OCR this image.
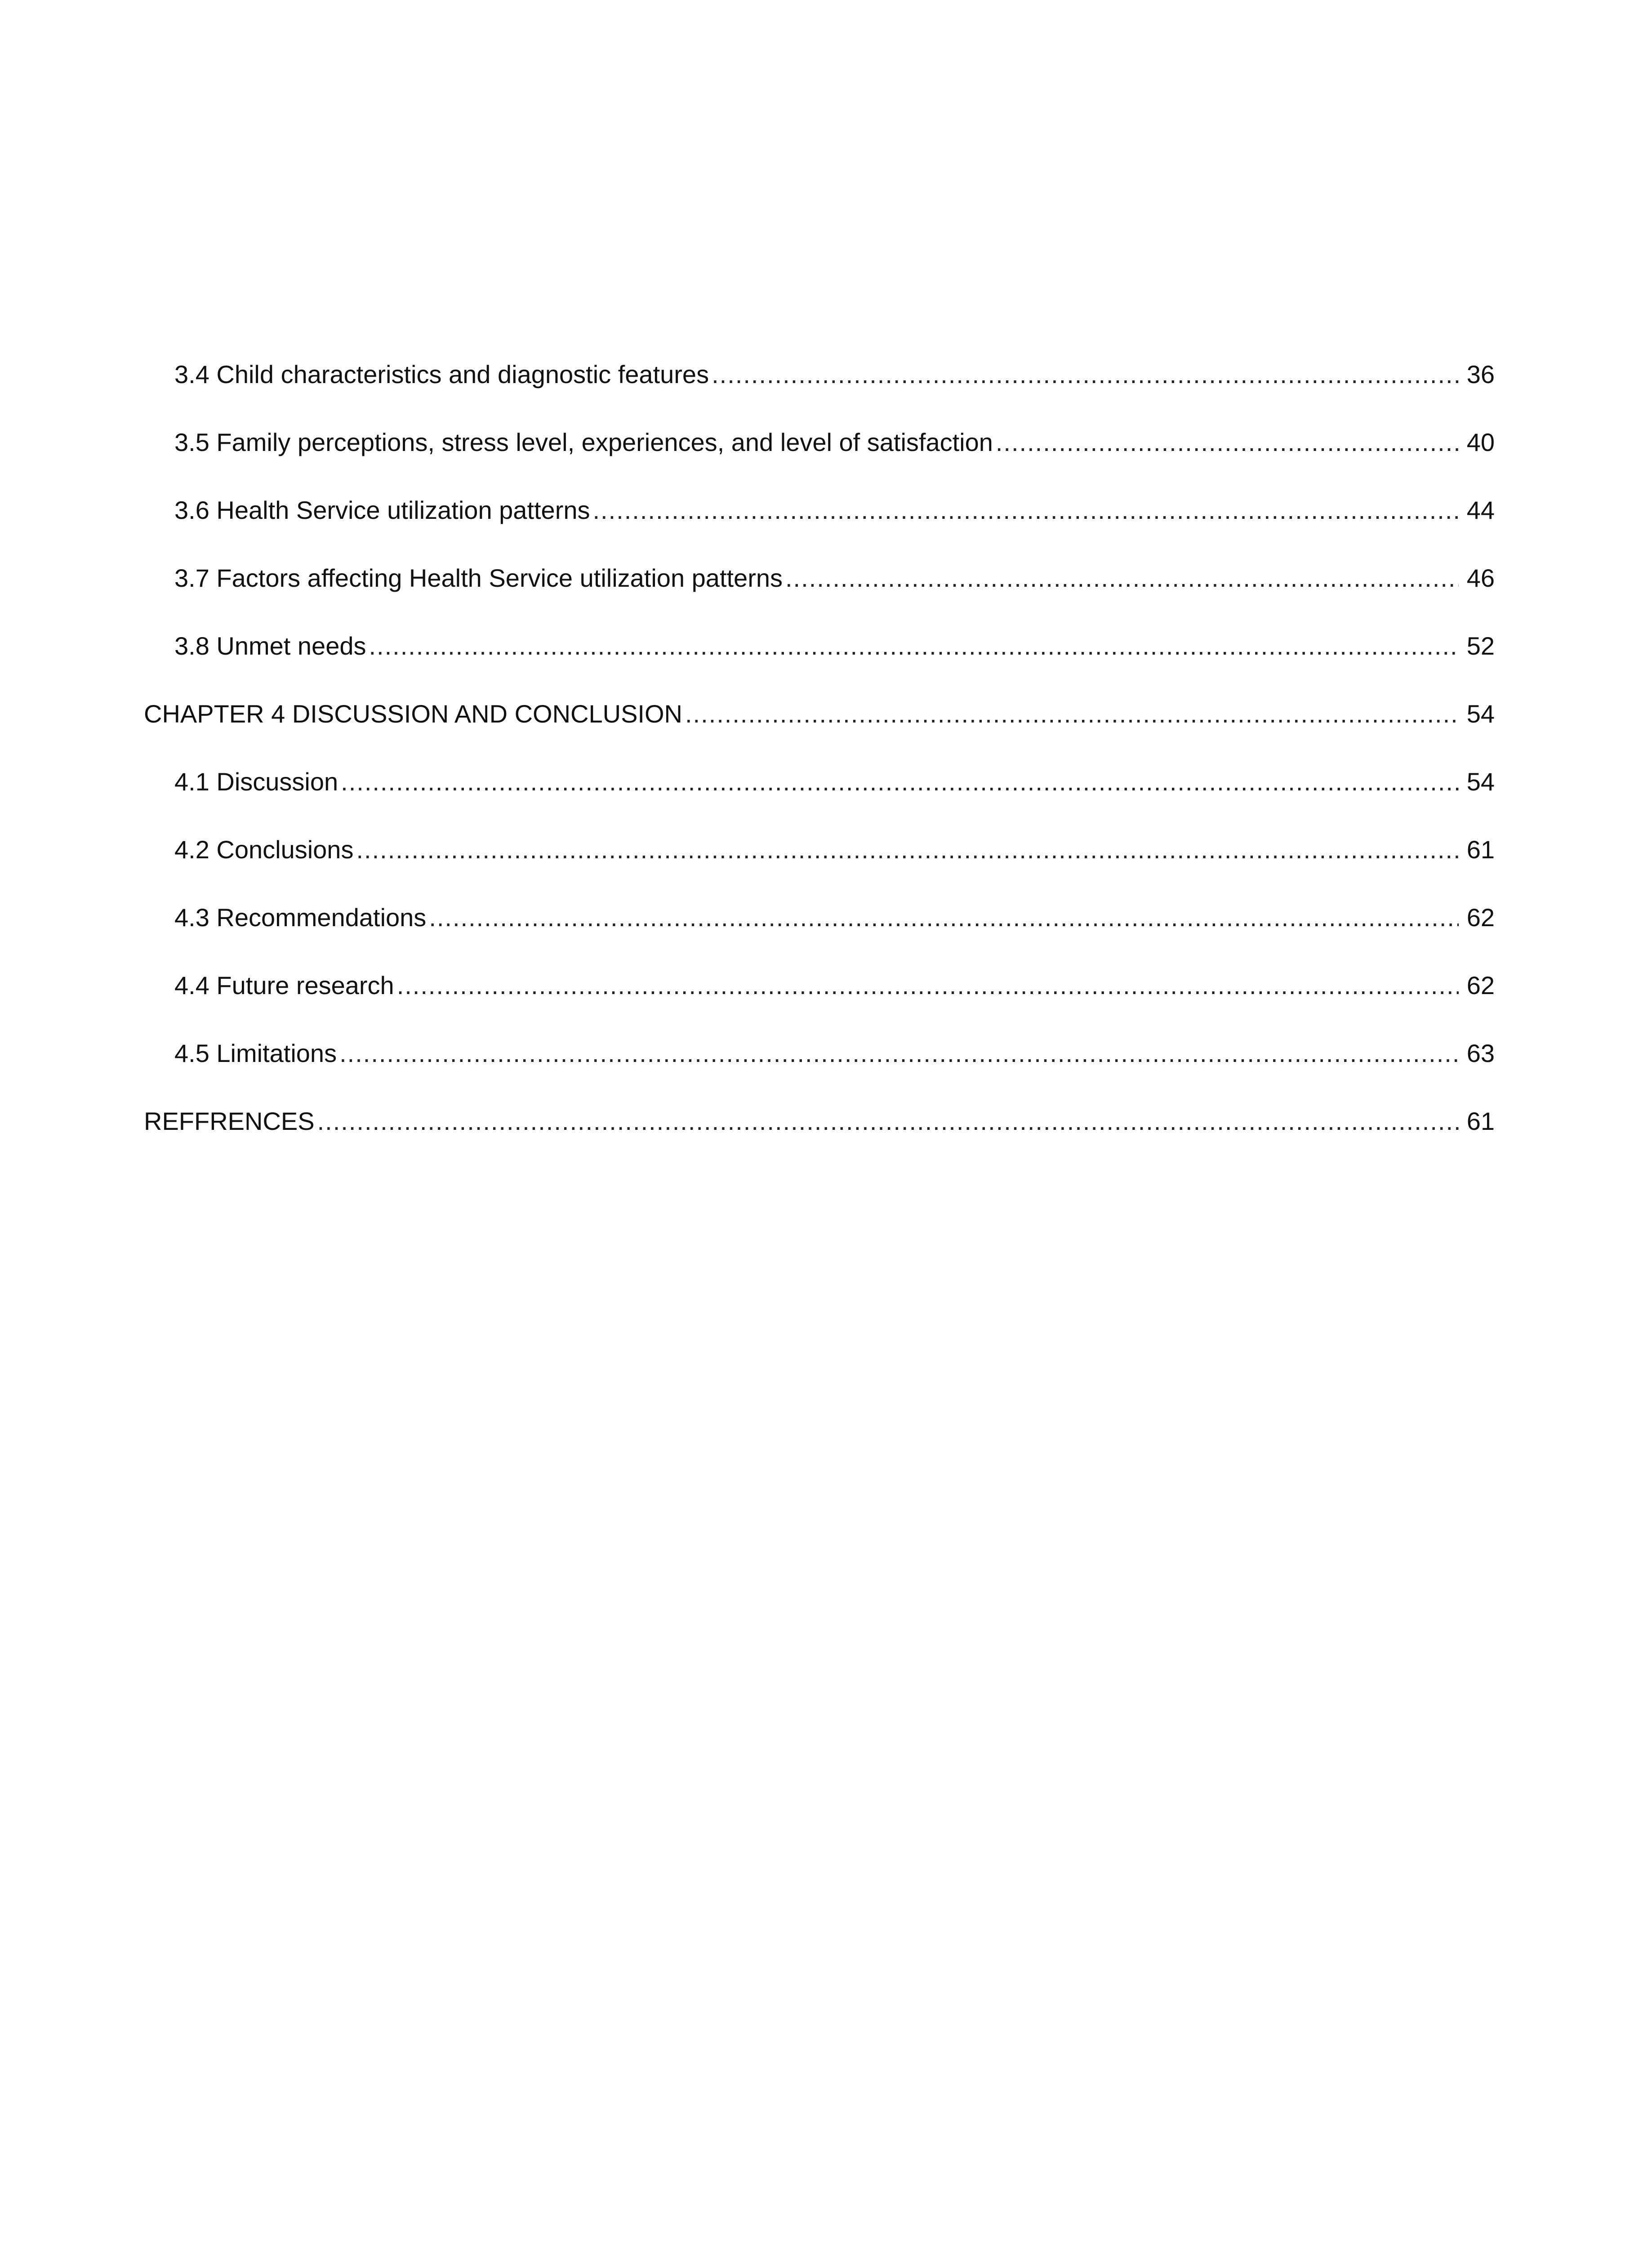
3.4 Child characteristics and diagnostic features .....	36
3.5 Family perceptions, stress level, experiences, and level of satisfaction .....	40
3.6 Health Service utilization patterns .....	44
3.7 Factors affecting Health Service utilization patterns .....	46
3.8 Unmet needs .....	52
CHAPTER 4 DISCUSSION AND CONCLUSION .....	54
4.1 Discussion .....	54
4.2 Conclusions .....	61
4.3 Recommendations .....	62
4.4 Future research .....	62
4.5 Limitations .....	63
REFFRENCES .....	61
